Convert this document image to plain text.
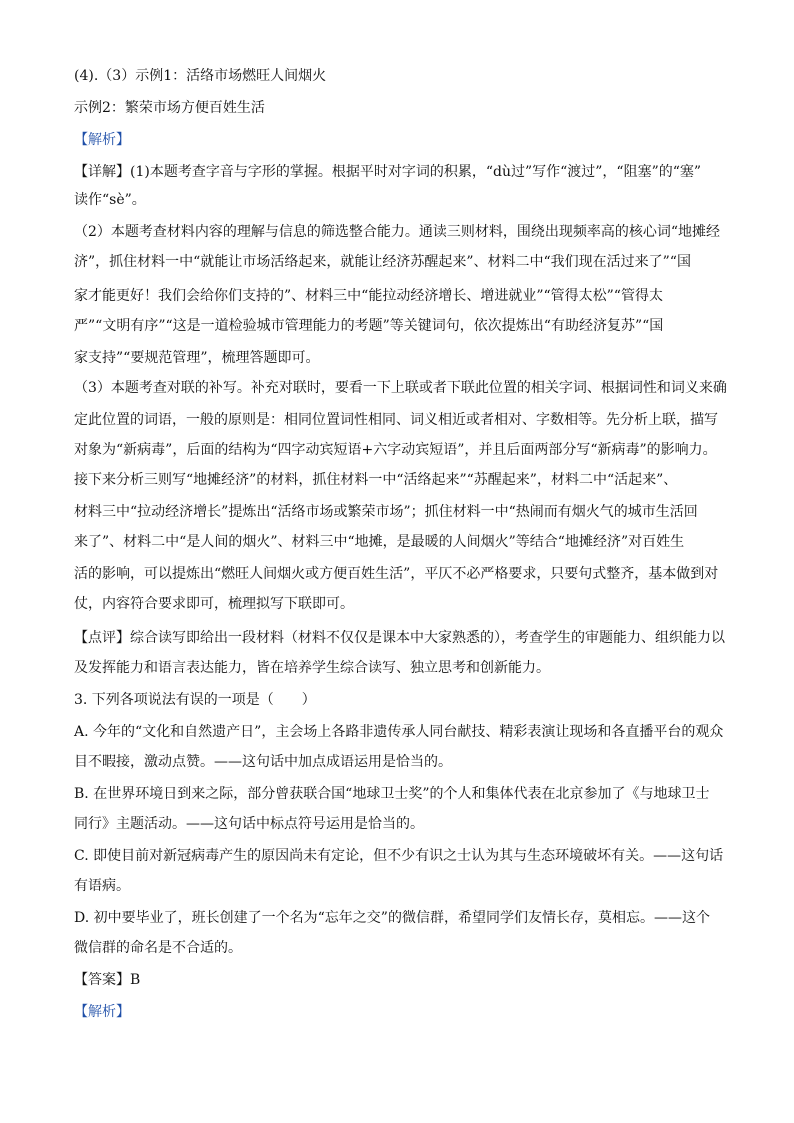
(4).（3）示例1：活络市场燃旺人间烟火
示例2：繁荣市场方便百姓生活
【解析】
【详解】(1)本题考查字音与字形的掌握。根据平时对字词的积累，“dù过”写作“渡过”，“阻塞”的“塞”
读作“sè”。
（2）本题考查材料内容的理解与信息的筛选整合能力。通读三则材料，围绕出现频率高的核心词“地摊经
济”，抓住材料一中“就能让市场活络起来，就能让经济苏醒起来”、材料二中“我们现在活过来了”“国
家才能更好！我们会给你们支持的”、材料三中“能拉动经济增长、增进就业”“管得太松”“管得太
严”“文明有序”“这是一道检验城市管理能力的考题”等关键词句，依次提炼出“有助经济复苏”“国
家支持”“要规范管理”，梳理答题即可。
（3）本题考查对联的补写。补充对联时，要看一下上联或者下联此位置的相关字词、根据词性和词义来确
定此位置的词语，一般的原则是：相同位置词性相同、词义相近或者相对、字数相等。先分析上联，描写
对象为“新病毒”，后面的结构为“四字动宾短语+六字动宾短语”，并且后面两部分写“新病毒”的影响力。
接下来分析三则写“地摊经济”的材料，抓住材料一中“活络起来”“苏醒起来”，材料二中“活起来”、
材料三中“拉动经济增长”提炼出“活络市场或繁荣市场”；抓住材料一中“热闹而有烟火气的城市生活回
来了”、材料二中“是人间的烟火”、材料三中“地摊，是最暖的人间烟火”等结合“地摊经济”对百姓生
活的影响，可以提炼出“燃旺人间烟火或方便百姓生活”，平仄不必严格要求，只要句式整齐，基本做到对
仗，内容符合要求即可，梳理拟写下联即可。
【点评】综合读写即给出一段材料（材料不仅仅是课本中大家熟悉的），考查学生的审题能力、组织能力以
及发挥能力和语言表达能力，皆在培养学生综合读写、独立思考和创新能力。
3. 下列各项说法有误的一项是（　　）
A. 今年的“文化和自然遗产日”，主会场上各路非遗传承人同台献技、精彩表演让现场和各直播平台的观众
目不暇接，激动点赞。——这句话中加点成语运用是恰当的。
B. 在世界环境日到来之际，部分曾获联合国“地球卫士奖”的个人和集体代表在北京参加了《与地球卫士
同行》主题活动。——这句话中标点符号运用是恰当的。
C. 即使目前对新冠病毒产生的原因尚未有定论，但不少有识之士认为其与生态环境破坏有关。——这句话
有语病。
D. 初中要毕业了，班长创建了一个名为“忘年之交”的微信群，希望同学们友情长存，莫相忘。——这个
微信群的命名是不合适的。
【答案】B
【解析】
